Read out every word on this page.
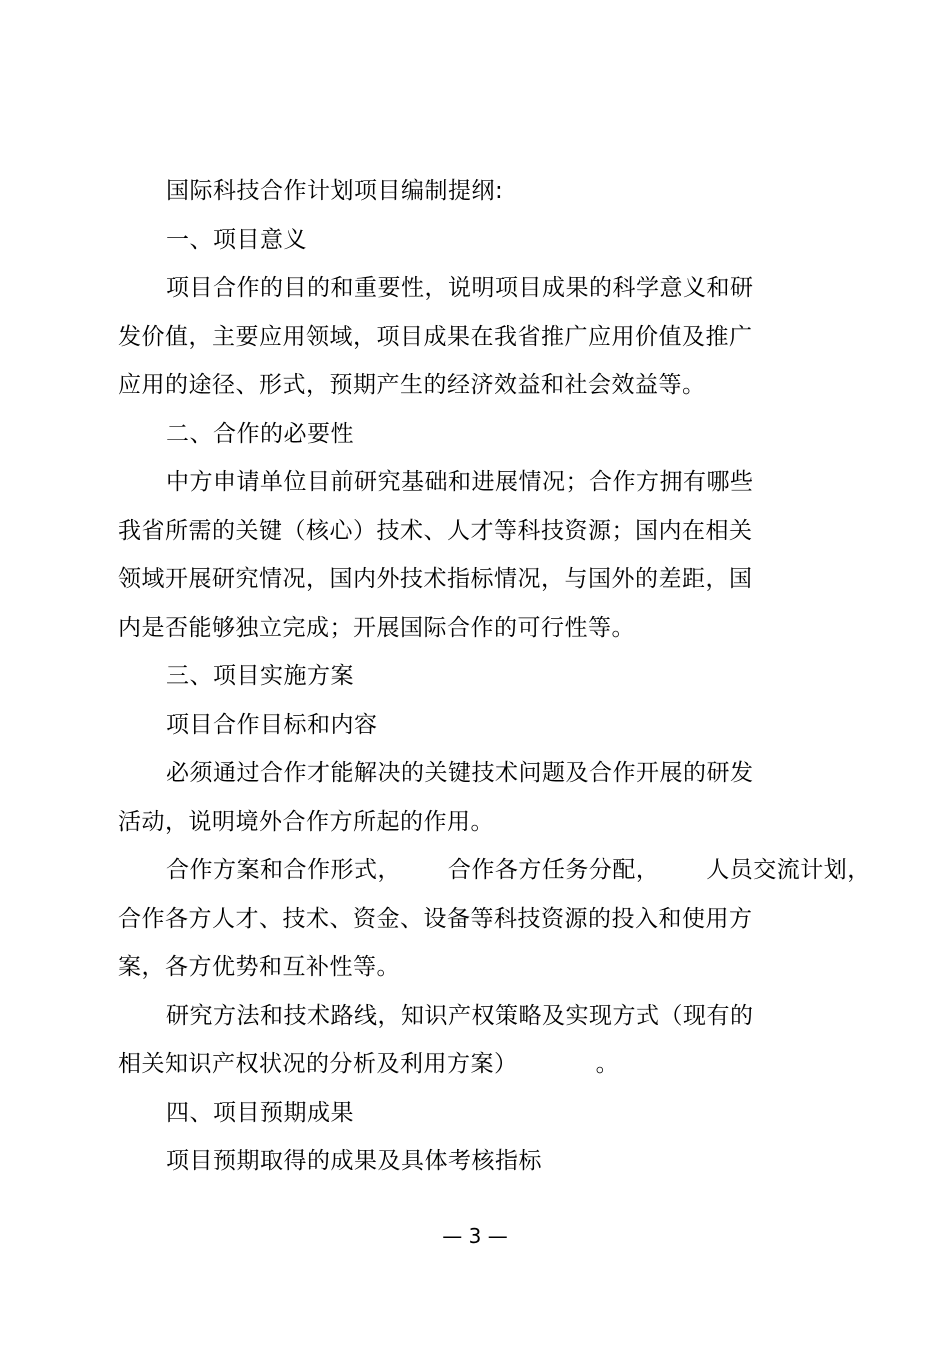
国际科技合作计划项目编制提纲:
一、项目意义
项目合作的目的和重要性，说明项目成果的科学意义和研
发价值，主要应用领域，项目成果在我省推广应用价值及推广
应用的途径、形式，预期产生的经济效益和社会效益等。
二、合作的必要性
中方申请单位目前研究基础和进展情况；合作方拥有哪些
我省所需的关键（核心）技术、人才等科技资源；国内在相关
领域开展研究情况，国内外技术指标情况，与国外的差距，国
内是否能够独立完成；开展国际合作的可行性等。
三、项目实施方案
项目合作目标和内容
必须通过合作才能解决的关键技术问题及合作开展的研发
活动，说明境外合作方所起的作用。
合作方案和合作形式，      合作各方任务分配，      人员交流计划，
合作各方人才、技术、资金、设备等科技资源的投入和使用方
案，各方优势和互补性等。
研究方法和技术路线，知识产权策略及实现方式（现有的
相关知识产权状况的分析及利用方案）          。
四、项目预期成果
项目预期取得的成果及具体考核指标
— 3 —
